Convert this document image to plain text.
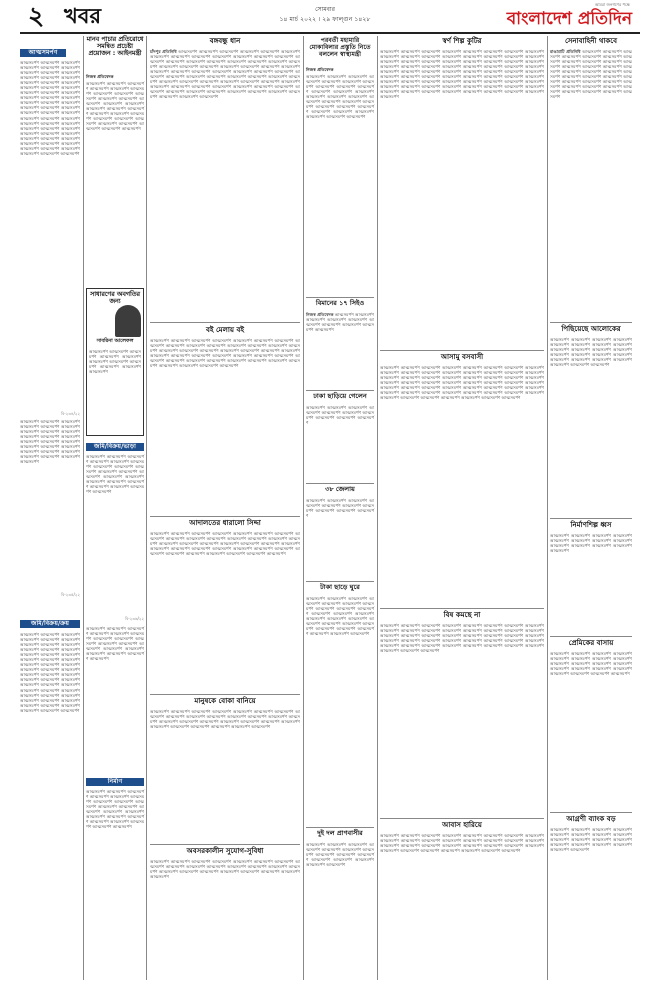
২ খবর	সোমবার
১৪ মার্চ ২০২২ । ২৯ ফাল্গুন ১৪২৮
আমরা জনগণের পক্ষে
বাংলাদেশ প্রতিদিন
আত্মসমর্পণ
আত্মসমর্পণ আত্মসমর্পণ আত্মসমর্পণ আত্মসমর্পণ আত্মসমর্পণ আত্মসমর্পণ আত্মসমর্পণ আত্মসমর্পণ আত্মসমর্পণ আত্মসমর্পণ আত্মসমর্পণ আত্মসমর্পণ আত্মসমর্পণ আত্মসমর্পণ আত্মসমর্পণ আত্মসমর্পণ আত্মসমর্পণ আত্মসমর্পণ আত্মসমর্পণ আত্মসমর্পণ আত্মসমর্পণ আত্মসমর্পণ আত্মসমর্পণ আত্মসমর্পণ আত্মসমর্পণ আত্মসমর্পণ আত্মসমর্পণ আত্মসমর্পণ আত্মসমর্পণ আত্মসমর্পণ আত্মসমর্পণ আত্মসমর্পণ আত্মসমর্পণ আত্মসমর্পণ আত্মসমর্পণ আত্মসমর্পণ আত্মসমর্পণ আত্মসমর্পণ আত্মসমর্পণ আত্মসমর্পণ আত্মসমর্পণ আত্মসমর্পণ আত্মসমর্পণ আত্মসমর্পণ আত্মসমর্পণ আত্মসমর্পণ আত্মসমর্পণ আত্মসমর্পণ আত্মসমর্পণ আত্মসমর্পণ আত্মসমর্পণ আত্মসমর্পণ আত্মসমর্পণ আত্মসমর্পণ আত্মসমর্পণ আত্মসমর্পণ আত্মসমর্পণ
বি-২৩৪/২২
আত্মসমর্পণ আত্মসমর্পণ আত্মসমর্পণ আত্মসমর্পণ আত্মসমর্পণ আত্মসমর্পণ আত্মসমর্পণ আত্মসমর্পণ আত্মসমর্পণ আত্মসমর্পণ আত্মসমর্পণ আত্মসমর্পণ আত্মসমর্পণ আত্মসমর্পণ আত্মসমর্পণ আত্মসমর্পণ আত্মসমর্পণ আত্মসমর্পণ আত্মসমর্পণ আত্মসমর্পণ আত্মসমর্পণ আত্মসমর্পণ আত্মসমর্পণ আত্মসমর্পণ আত্মসমর্পণ
বি-২৩৫/২২
জমি/বিক্রয়/ক্রয়
আত্মসমর্পণ আত্মসমর্পণ আত্মসমর্পণ আত্মসমর্পণ আত্মসমর্পণ আত্মসমর্পণ আত্মসমর্পণ আত্মসমর্পণ আত্মসমর্পণ আত্মসমর্পণ আত্মসমর্পণ আত্মসমর্পণ আত্মসমর্পণ আত্মসমর্পণ আত্মসমর্পণ আত্মসমর্পণ আত্মসমর্পণ আত্মসমর্পণ আত্মসমর্পণ আত্মসমর্পণ আত্মসমর্পণ আত্মসমর্পণ আত্মসমর্পণ আত্মসমর্পণ আত্মসমর্পণ আত্মসমর্পণ আত্মসমর্পণ আত্মসমর্পণ আত্মসমর্পণ আত্মসমর্পণ আত্মসমর্পণ আত্মসমর্পণ আত্মসমর্পণ আত্মসমর্পণ আত্মসমর্পণ আত্মসমর্পণ আত্মসমর্পণ আত্মসমর্পণ আত্মসমর্পণ আত্মসমর্পণ আত্মসমর্পণ আত্মসমর্পণ আত্মসমর্পণ আত্মসমর্পণ আত্মসমর্পণ আত্মসমর্পণ আত্মসমর্পণ আত্মসমর্পণ
মানব পাচার প্রতিরোধে সমন্বিত প্রচেষ্টা প্রয়োজন : আইনমন্ত্রী
নিজস্ব প্রতিবেদক
আত্মসমর্পণ আত্মসমর্পণ আত্মসমর্পণ আত্মসমর্পণ আত্মসমর্পণ আত্মসমর্পণ আত্মসমর্পণ আত্মসমর্পণ আত্মসমর্পণ আত্মসমর্পণ আত্মসমর্পণ আত্মসমর্পণ আত্মসমর্পণ আত্মসমর্পণ আত্মসমর্পণ আত্মসমর্পণ আত্মসমর্পণ আত্মসমর্পণ আত্মসমর্পণ আত্মসমর্পণ আত্মসমর্পণ আত্মসমর্পণ আত্মসমর্পণ আত্মসমর্পণ আত্মসমর্পণ আত্মসমর্পণ আত্মসমর্পণ আত্মসমর্পণ
সাধারণের অবগতির জন্য
সাবরিনা আলেফল
আত্মসমর্পণ আত্মসমর্পণ আত্মসমর্পণ আত্মসমর্পণ আত্মসমর্পণ আত্মসমর্পণ আত্মসমর্পণ আত্মসমর্পণ আত্মসমর্পণ আত্মসমর্পণ আত্মসমর্পণ
জমি/বিক্রয়/ভাড়া
আত্মসমর্পণ আত্মসমর্পণ আত্মসমর্পণ আত্মসমর্পণ আত্মসমর্পণ আত্মসমর্পণ আত্মসমর্পণ আত্মসমর্পণ আত্মসমর্পণ আত্মসমর্পণ আত্মসমর্পণ আত্মসমর্পণ আত্মসমর্পণ আত্মসমর্পণ আত্মসমর্পণ আত্মসমর্পণ আত্মসমর্পণ আত্মসমর্পণ আত্মসমর্পণ আত্মসমর্পণ আত্মসমর্পণ
বি-২৩৬/২২
আত্মসমর্পণ আত্মসমর্পণ আত্মসমর্পণ আত্মসমর্পণ আত্মসমর্পণ আত্মসমর্পণ আত্মসমর্পণ আত্মসমর্পণ আত্মসমর্পণ আত্মসমর্পণ আত্মসমর্পণ আত্মসমর্পণ আত্মসমর্পণ আত্মসমর্পণ আত্মসমর্পণ আত্মসমর্পণ আত্মসমর্পণ আত্মসমর্পণ
নির্মাণ
আত্মসমর্পণ আত্মসমর্পণ আত্মসমর্পণ আত্মসমর্পণ আত্মসমর্পণ আত্মসমর্পণ আত্মসমর্পণ আত্মসমর্পণ আত্মসমর্পণ আত্মসমর্পণ আত্মসমর্পণ আত্মসমর্পণ আত্মসমর্পণ আত্মসমর্পণ আত্মসমর্পণ আত্মসমর্পণ আত্মসমর্পণ আত্মসমর্পণ আত্মসমর্পণ আত্মসমর্পণ আত্মসমর্পণ আত্মসমর্পণ
বঙ্গবন্ধু ধান
চাঁদপুর প্রতিনিধি আত্মসমর্পণ আত্মসমর্পণ আত্মসমর্পণ আত্মসমর্পণ আত্মসমর্পণ আত্মসমর্পণ আত্মসমর্পণ আত্মসমর্পণ আত্মসমর্পণ আত্মসমর্পণ আত্মসমর্পণ আত্মসমর্পণ আত্মসমর্পণ আত্মসমর্পণ আত্মসমর্পণ আত্মসমর্পণ আত্মসমর্পণ আত্মসমর্পণ আত্মসমর্পণ আত্মসমর্পণ আত্মসমর্পণ আত্মসমর্পণ আত্মসমর্পণ আত্মসমর্পণ আত্মসমর্পণ আত্মসমর্পণ আত্মসমর্পণ আত্মসমর্পণ আত্মসমর্পণ আত্মসমর্পণ আত্মসমর্পণ আত্মসমর্পণ আত্মসমর্পণ আত্মসমর্পণ আত্মসমর্পণ আত্মসমর্পণ আত্মসমর্পণ আত্মসমর্পণ আত্মসমর্পণ আত্মসমর্পণ আত্মসমর্পণ আত্মসমর্পণ আত্মসমর্পণ আত্মসমর্পণ আত্মসমর্পণ আত্মসমর্পণ আত্মসমর্পণ আত্মসমর্পণ আত্মসমর্পণ আত্মসমর্পণ আত্মসমর্পণ আত্মসমর্পণ আত্মসমর্পণ আত্মসমর্পণ আত্মসমর্পণ আত্মসমর্পণ আত্মসমর্পণ আত্মসমর্পণ আত্মসমর্পণ আত্মসমর্পণ আত্মসমর্পণ আত্মসমর্পণ আত্মসমর্পণ আত্মসমর্পণ আত্মসমর্পণ আত্মসমর্পণ আত্মসমর্পণ আত্মসমর্পণ
বই মেলায় বই
আত্মসমর্পণ আত্মসমর্পণ আত্মসমর্পণ আত্মসমর্পণ আত্মসমর্পণ আত্মসমর্পণ আত্মসমর্পণ আত্মসমর্পণ আত্মসমর্পণ আত্মসমর্পণ আত্মসমর্পণ আত্মসমর্পণ আত্মসমর্পণ আত্মসমর্পণ আত্মসমর্পণ আত্মসমর্পণ আত্মসমর্পণ আত্মসমর্পণ আত্মসমর্পণ আত্মসমর্পণ আত্মসমর্পণ আত্মসমর্পণ আত্মসমর্পণ আত্মসমর্পণ আত্মসমর্পণ আত্মসমর্পণ আত্মসমর্পণ আত্মসমর্পণ আত্মসমর্পণ আত্মসমর্পণ আত্মসমর্পণ আত্মসমর্পণ আত্মসমর্পণ আত্মসমর্পণ আত্মসমর্পণ আত্মসমর্পণ আত্মসমর্পণ আত্মসমর্পণ আত্মসমর্পণ আত্মসমর্পণ আত্মসমর্পণ
আদালতের ধারালো সিদ্দা
আত্মসমর্পণ আত্মসমর্পণ আত্মসমর্পণ আত্মসমর্পণ আত্মসমর্পণ আত্মসমর্পণ আত্মসমর্পণ আত্মসমর্পণ আত্মসমর্পণ আত্মসমর্পণ আত্মসমর্পণ আত্মসমর্পণ আত্মসমর্পণ আত্মসমর্পণ আত্মসমর্পণ আত্মসমর্পণ আত্মসমর্পণ আত্মসমর্পণ আত্মসমর্পণ আত্মসমর্পণ আত্মসমর্পণ আত্মসমর্পণ আত্মসমর্পণ আত্মসমর্পণ আত্মসমর্পণ আত্মসমর্পণ আত্মসমর্পণ আত্মসমর্পণ আত্মসমর্পণ আত্মসমর্পণ আত্মসমর্পণ আত্মসমর্পণ আত্মসমর্পণ আত্মসমর্পণ আত্মসমর্পণ আত্মসমর্পণ
মানুষকে বোকা বানিয়ে
আত্মসমর্পণ আত্মসমর্পণ আত্মসমর্পণ আত্মসমর্পণ আত্মসমর্পণ আত্মসমর্পণ আত্মসমর্পণ আত্মসমর্পণ আত্মসমর্পণ আত্মসমর্পণ আত্মসমর্পণ আত্মসমর্পণ আত্মসমর্পণ আত্মসমর্পণ আত্মসমর্পণ আত্মসমর্পণ আত্মসমর্পণ আত্মসমর্পণ আত্মসমর্পণ আত্মসমর্পণ আত্মসমর্পণ আত্মসমর্পণ আত্মসমর্পণ আত্মসমর্পণ আত্মসমর্পণ আত্মসমর্পণ আত্মসমর্পণ আত্মসমর্পণ
অবসরকালীন সুযোগ-সুবিধা
আত্মসমর্পণ আত্মসমর্পণ আত্মসমর্পণ আত্মসমর্পণ আত্মসমর্পণ আত্মসমর্পণ আত্মসমর্পণ আত্মসমর্পণ আত্মসমর্পণ আত্মসমর্পণ আত্মসমর্পণ আত্মসমর্পণ আত্মসমর্পণ আত্মসমর্পণ আত্মসমর্পণ আত্মসমর্পণ আত্মসমর্পণ আত্মসমর্পণ আত্মসমর্পণ আত্মসমর্পণ আত্মসমর্পণ আত্মসমর্পণ আত্মসমর্পণ
পরবর্তী মহামারি মোকাবিলার প্রস্তুতি নিতে বললেন স্বাস্থ্যমন্ত্রী
নিজস্ব প্রতিবেদক
আত্মসমর্পণ আত্মসমর্পণ আত্মসমর্পণ আত্মসমর্পণ আত্মসমর্পণ আত্মসমর্পণ আত্মসমর্পণ আত্মসমর্পণ আত্মসমর্পণ আত্মসমর্পণ আত্মসমর্পণ আত্মসমর্পণ আত্মসমর্পণ আত্মসমর্পণ আত্মসমর্পণ আত্মসমর্পণ আত্মসমর্পণ আত্মসমর্পণ আত্মসমর্পণ আত্মসমর্পণ আত্মসমর্পণ আত্মসমর্পণ আত্মসমর্পণ আত্মসমর্পণ আত্মসমর্পণ আত্মসমর্পণ আত্মসমর্পণ আত্মসমর্পণ আত্মসমর্পণ
বিমানের ১৭ সিইও
নিজস্ব প্রতিবেদক আত্মসমর্পণ আত্মসমর্পণ আত্মসমর্পণ আত্মসমর্পণ আত্মসমর্পণ আত্মসমর্পণ আত্মসমর্পণ আত্মসমর্পণ আত্মসমর্পণ আত্মসমর্পণ
ঢাকা ছাড়িয়ে গেলেন
আত্মসমর্পণ আত্মসমর্পণ আত্মসমর্পণ আত্মসমর্পণ আত্মসমর্পণ আত্মসমর্পণ আত্মসমর্পণ আত্মসমর্পণ আত্মসমর্পণ আত্মসমর্পণ
৩৮ জেলায়
আত্মসমর্পণ আত্মসমর্পণ আত্মসমর্পণ আত্মসমর্পণ আত্মসমর্পণ আত্মসমর্পণ আত্মসমর্পণ আত্মসমর্পণ আত্মসমর্পণ আত্মসমর্পণ
টাকা ছাড়ে ঘুরে
আত্মসমর্পণ আত্মসমর্পণ আত্মসমর্পণ আত্মসমর্পণ আত্মসমর্পণ আত্মসমর্পণ আত্মসমর্পণ আত্মসমর্পণ আত্মসমর্পণ আত্মসমর্পণ আত্মসমর্পণ আত্মসমর্পণ আত্মসমর্পণ আত্মসমর্পণ আত্মসমর্পণ আত্মসমর্পণ আত্মসমর্পণ আত্মসমর্পণ আত্মসমর্পণ আত্মসমর্পণ আত্মসমর্পণ আত্মসমর্পণ আত্মসমর্পণ আত্মসমর্পণ আত্মসমর্পণ আত্মসমর্পণ
দুই দল প্রাণবাসীর
আত্মসমর্পণ আত্মসমর্পণ আত্মসমর্পণ আত্মসমর্পণ আত্মসমর্পণ আত্মসমর্পণ আত্মসমর্পণ আত্মসমর্পণ আত্মসমর্পণ আত্মসমর্পণ আত্মসমর্পণ আত্মসমর্পণ আত্মসমর্পণ আত্মসমর্পণ আত্মসমর্পণ
স্বর্ণ শিল্প কুটির
আত্মসমর্পণ আত্মসমর্পণ আত্মসমর্পণ আত্মসমর্পণ আত্মসমর্পণ আত্মসমর্পণ আত্মসমর্পণ আত্মসমর্পণ আত্মসমর্পণ আত্মসমর্পণ আত্মসমর্পণ আত্মসমর্পণ আত্মসমর্পণ আত্মসমর্পণ আত্মসমর্পণ আত্মসমর্পণ আত্মসমর্পণ আত্মসমর্পণ আত্মসমর্পণ আত্মসমর্পণ আত্মসমর্পণ আত্মসমর্পণ আত্মসমর্পণ আত্মসমর্পণ আত্মসমর্পণ আত্মসমর্পণ আত্মসমর্পণ আত্মসমর্পণ আত্মসমর্পণ আত্মসমর্পণ আত্মসমর্পণ আত্মসমর্পণ আত্মসমর্পণ আত্মসমর্পণ আত্মসমর্পণ আত্মসমর্পণ আত্মসমর্পণ আত্মসমর্পণ আত্মসমর্পণ আত্মসমর্পণ আত্মসমর্পণ আত্মসমর্পণ আত্মসমর্পণ আত্মসমর্পণ আত্মসমর্পণ আত্মসমর্পণ আত্মসমর্পণ আত্মসমর্পণ আত্মসমর্পণ আত্মসমর্পণ আত্মসমর্পণ আত্মসমর্পণ আত্মসমর্পণ আত্মসমর্পণ আত্মসমর্পণ আত্মসমর্পণ আত্মসমর্পণ আত্মসমর্পণ আত্মসমর্পণ আত্মসমর্পণ আত্মসমর্পণ আত্মসমর্পণ আত্মসমর্পণ আত্মসমর্পণ আত্মসমর্পণ আত্মসমর্পণ আত্মসমর্পণ আত্মসমর্পণ আত্মসমর্পণ আত্মসমর্পণ আত্মসমর্পণ আত্মসমর্পণ আত্মসমর্পণ
আসামু বসবাসী
আত্মসমর্পণ আত্মসমর্পণ আত্মসমর্পণ আত্মসমর্পণ আত্মসমর্পণ আত্মসমর্পণ আত্মসমর্পণ আত্মসমর্পণ আত্মসমর্পণ আত্মসমর্পণ আত্মসমর্পণ আত্মসমর্পণ আত্মসমর্পণ আত্মসমর্পণ আত্মসমর্পণ আত্মসমর্পণ আত্মসমর্পণ আত্মসমর্পণ আত্মসমর্পণ আত্মসমর্পণ আত্মসমর্পণ আত্মসমর্পণ আত্মসমর্পণ আত্মসমর্পণ আত্মসমর্পণ আত্মসমর্পণ আত্মসমর্পণ আত্মসমর্পণ আত্মসমর্পণ আত্মসমর্পণ আত্মসমর্পণ আত্মসমর্পণ আত্মসমর্পণ আত্মসমর্পণ আত্মসমর্পণ আত্মসমর্পণ আত্মসমর্পণ আত্মসমর্পণ আত্মসমর্পণ আত্মসমর্পণ আত্মসমর্পণ আত্মসমর্পণ আত্মসমর্পণ আত্মসমর্পণ আত্মসমর্পণ আত্মসমর্পণ আত্মসমর্পণ আত্মসমর্পণ আত্মসমর্পণ আত্মসমর্পণ আত্মসমর্পণ আত্মসমর্পণ আত্মসমর্পণ আত্মসমর্পণ আত্মসমর্পণ
বিষ কমছে না
আত্মসমর্পণ আত্মসমর্পণ আত্মসমর্পণ আত্মসমর্পণ আত্মসমর্পণ আত্মসমর্পণ আত্মসমর্পণ আত্মসমর্পণ আত্মসমর্পণ আত্মসমর্পণ আত্মসমর্পণ আত্মসমর্পণ আত্মসমর্পণ আত্মসমর্পণ আত্মসমর্পণ আত্মসমর্পণ আত্মসমর্পণ আত্মসমর্পণ আত্মসমর্পণ আত্মসমর্পণ আত্মসমর্পণ আত্মসমর্পণ আত্মসমর্পণ আত্মসমর্পণ আত্মসমর্পণ আত্মসমর্পণ আত্মসমর্পণ আত্মসমর্পণ আত্মসমর্পণ আত্মসমর্পণ আত্মসমর্পণ আত্মসমর্পণ আত্মসমর্পণ আত্মসমর্পণ আত্মসমর্পণ আত্মসমর্পণ আত্মসমর্পণ আত্মসমর্পণ আত্মসমর্পণ আত্মসমর্পণ আত্মসমর্পণ আত্মসমর্পণ আত্মসমর্পণ
আবাস হারিয়ে
আত্মসমর্পণ আত্মসমর্পণ আত্মসমর্পণ আত্মসমর্পণ আত্মসমর্পণ আত্মসমর্পণ আত্মসমর্পণ আত্মসমর্পণ আত্মসমর্পণ আত্মসমর্পণ আত্মসমর্পণ আত্মসমর্পণ আত্মসমর্পণ আত্মসমর্পণ আত্মসমর্পণ আত্মসমর্পণ আত্মসমর্পণ আত্মসমর্পণ আত্মসমর্পণ আত্মসমর্পণ আত্মসমর্পণ আত্মসমর্পণ আত্মসমর্পণ আত্মসমর্পণ আত্মসমর্পণ আত্মসমর্পণ আত্মসমর্পণ আত্মসমর্পণ আত্মসমর্পণ আত্মসমর্পণ আত্মসমর্পণ
সেনাবাহিনী থাকবে
রাঙামাটি প্রতিনিধি আত্মসমর্পণ আত্মসমর্পণ আত্মসমর্পণ আত্মসমর্পণ আত্মসমর্পণ আত্মসমর্পণ আত্মসমর্পণ আত্মসমর্পণ আত্মসমর্পণ আত্মসমর্পণ আত্মসমর্পণ আত্মসমর্পণ আত্মসমর্পণ আত্মসমর্পণ আত্মসমর্পণ আত্মসমর্পণ আত্মসমর্পণ আত্মসমর্পণ আত্মসমর্পণ আত্মসমর্পণ আত্মসমর্পণ আত্মসমর্পণ আত্মসমর্পণ আত্মসমর্পণ আত্মসমর্পণ আত্মসমর্পণ আত্মসমর্পণ আত্মসমর্পণ আত্মসমর্পণ আত্মসমর্পণ আত্মসমর্পণ আত্মসমর্পণ আত্মসমর্পণ আত্মসমর্পণ আত্মসমর্পণ
পিছিয়েছে আলোকের
আত্মসমর্পণ আত্মসমর্পণ আত্মসমর্পণ আত্মসমর্পণ আত্মসমর্পণ আত্মসমর্পণ আত্মসমর্পণ আত্মসমর্পণ আত্মসমর্পণ আত্মসমর্পণ আত্মসমর্পণ আত্মসমর্পণ আত্মসমর্পণ আত্মসমর্পণ আত্মসমর্পণ আত্মসমর্পণ আত্মসমর্পণ আত্মসমর্পণ আত্মসমর্পণ আত্মসমর্পণ আত্মসমর্পণ আত্মসমর্পণ আত্মসমর্পণ
নির্মাণশিল্প ধ্বস
আত্মসমর্পণ আত্মসমর্পণ আত্মসমর্পণ আত্মসমর্পণ আত্মসমর্পণ আত্মসমর্পণ আত্মসমর্পণ আত্মসমর্পণ আত্মসমর্পণ আত্মসমর্পণ আত্মসমর্পণ আত্মসমর্পণ আত্মসমর্পণ
প্রেমিকের বাসায়
আত্মসমর্পণ আত্মসমর্পণ আত্মসমর্পণ আত্মসমর্পণ আত্মসমর্পণ আত্মসমর্পণ আত্মসমর্পণ আত্মসমর্পণ আত্মসমর্পণ আত্মসমর্পণ আত্মসমর্পণ আত্মসমর্পণ আত্মসমর্পণ আত্মসমর্পণ আত্মসমর্পণ আত্মসমর্পণ আত্মসমর্পণ আত্মসমর্পণ আত্মসমর্পণ আত্মসমর্পণ
আগ্রণী ব্যাংক বড়
আত্মসমর্পণ আত্মসমর্পণ আত্মসমর্পণ আত্মসমর্পণ আত্মসমর্পণ আত্মসমর্পণ আত্মসমর্পণ আত্মসমর্পণ আত্মসমর্পণ আত্মসমর্পণ আত্মসমর্পণ আত্মসমর্পণ আত্মসমর্পণ আত্মসমর্পণ আত্মসমর্পণ আত্মসমর্পণ আত্মসমর্পণ আত্মসমর্পণ
